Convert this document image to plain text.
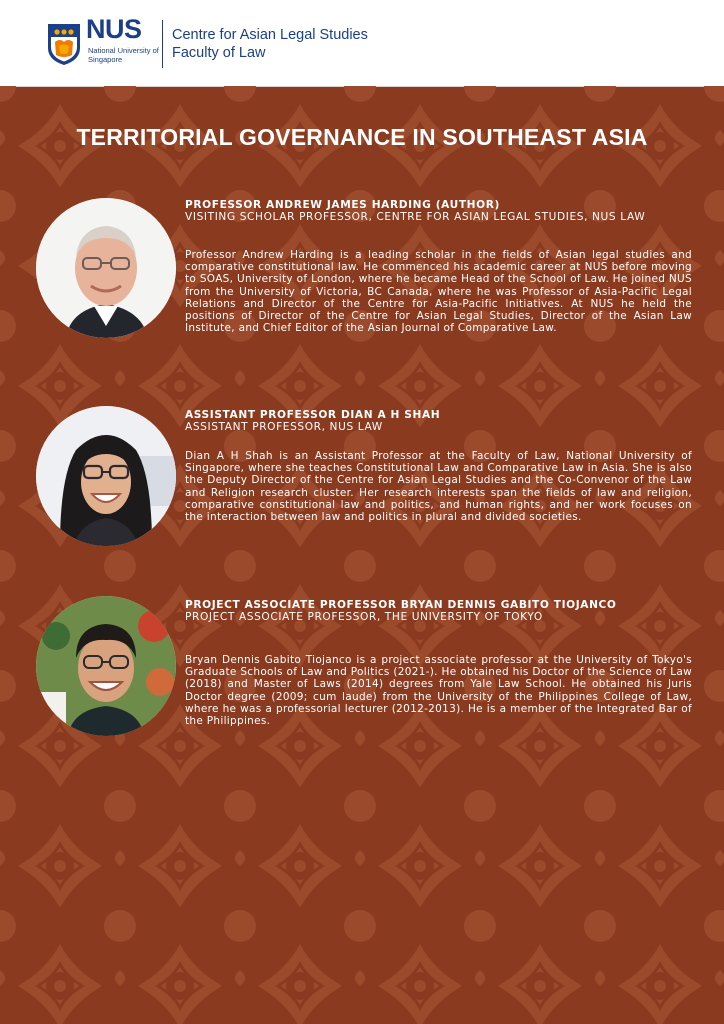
NUS
National University of Singapore
Centre for Asian Legal Studies
Faculty of Law
TERRITORIAL GOVERNANCE IN SOUTHEAST ASIA
PROFESSOR ANDREW JAMES HARDING (AUTHOR)
VISITING SCHOLAR PROFESSOR, CENTRE FOR ASIAN LEGAL STUDIES, NUS LAW
Professor Andrew Harding is a leading scholar in the fields of Asian legal studies and comparative constitutional law. He commenced his academic career at NUS before moving to SOAS, University of London, where he became Head of the School of Law. He joined NUS from the University of Victoria, BC Canada, where he was Professor of Asia-Pacific Legal Relations and Director of the Centre for Asia-Pacific Initiatives. At NUS he held the positions of Director of the Centre for Asian Legal Studies, Director of the Asian Law Institute, and Chief Editor of the Asian Journal of Comparative Law.
ASSISTANT PROFESSOR DIAN A H SHAH
ASSISTANT PROFESSOR, NUS LAW
Dian A H Shah is an Assistant Professor at the Faculty of Law, National University of Singapore, where she teaches Constitutional Law and Comparative Law in Asia. She is also the Deputy Director of the Centre for Asian Legal Studies and the Co-Convenor of the Law and Religion research cluster. Her research interests span the fields of law and religion, comparative constitutional law and politics, and human rights, and her work focuses on the interaction between law and politics in plural and divided societies.
PROJECT ASSOCIATE PROFESSOR BRYAN DENNIS GABITO TIOJANCO
PROJECT ASSOCIATE PROFESSOR, THE UNIVERSITY OF TOKYO
Bryan Dennis Gabito Tiojanco is a project associate professor at the University of Tokyo's Graduate Schools of Law and Politics (2021-). He obtained his Doctor of the Science of Law (2018) and Master of Laws (2014) degrees from Yale Law School. He obtained his Juris Doctor degree (2009; cum laude) from the University of the Philippines College of Law, where he was a professorial lecturer (2012-2013). He is a member of the Integrated Bar of the Philippines.
